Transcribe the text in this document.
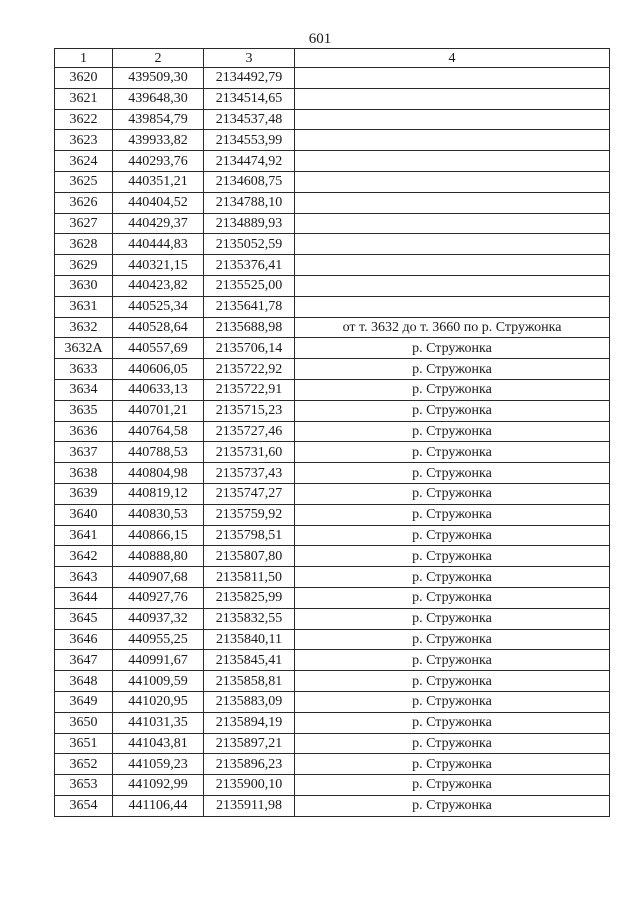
601
1	2	3	4
3620	439509,30	2134492,79	
3621	439648,30	2134514,65	
3622	439854,79	2134537,48	
3623	439933,82	2134553,99	
3624	440293,76	2134474,92	
3625	440351,21	2134608,75	
3626	440404,52	2134788,10	
3627	440429,37	2134889,93	
3628	440444,83	2135052,59	
3629	440321,15	2135376,41	
3630	440423,82	2135525,00	
3631	440525,34	2135641,78	
3632	440528,64	2135688,98	от т. 3632 до т. 3660 по р. Стружонка
3632А	440557,69	2135706,14	р. Стружонка
3633	440606,05	2135722,92	р. Стружонка
3634	440633,13	2135722,91	р. Стружонка
3635	440701,21	2135715,23	р. Стружонка
3636	440764,58	2135727,46	р. Стружонка
3637	440788,53	2135731,60	р. Стружонка
3638	440804,98	2135737,43	р. Стружонка
3639	440819,12	2135747,27	р. Стружонка
3640	440830,53	2135759,92	р. Стружонка
3641	440866,15	2135798,51	р. Стружонка
3642	440888,80	2135807,80	р. Стружонка
3643	440907,68	2135811,50	р. Стружонка
3644	440927,76	2135825,99	р. Стружонка
3645	440937,32	2135832,55	р. Стружонка
3646	440955,25	2135840,11	р. Стружонка
3647	440991,67	2135845,41	р. Стружонка
3648	441009,59	2135858,81	р. Стружонка
3649	441020,95	2135883,09	р. Стружонка
3650	441031,35	2135894,19	р. Стружонка
3651	441043,81	2135897,21	р. Стружонка
3652	441059,23	2135896,23	р. Стружонка
3653	441092,99	2135900,10	р. Стружонка
3654	441106,44	2135911,98	р. Стружонка
